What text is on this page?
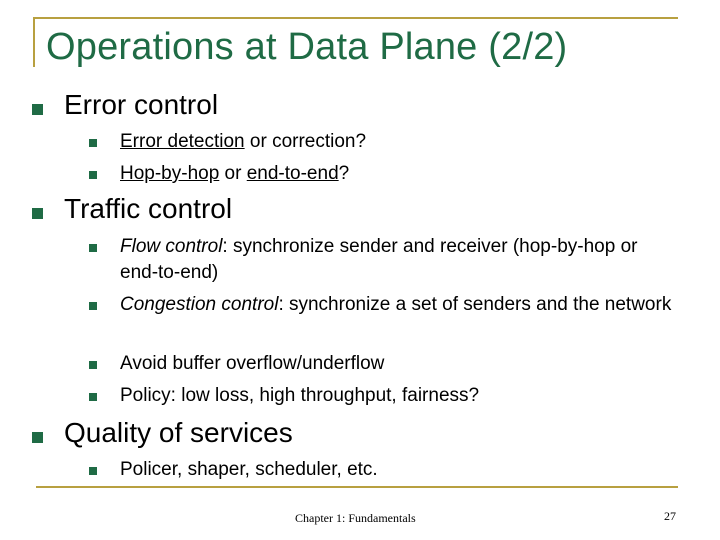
Operations at Data Plane (2/2)
Error control
Error detection or correction?
Hop-by-hop or end-to-end?
Traffic control
Flow control: synchronize sender and receiver (hop-by-hop or end-to-end)
Congestion control: synchronize a set of senders and the network
Avoid buffer overflow/underflow
Policy: low loss, high throughput, fairness?
Quality of services
Policer, shaper, scheduler, etc.
Chapter 1: Fundamentals	27
